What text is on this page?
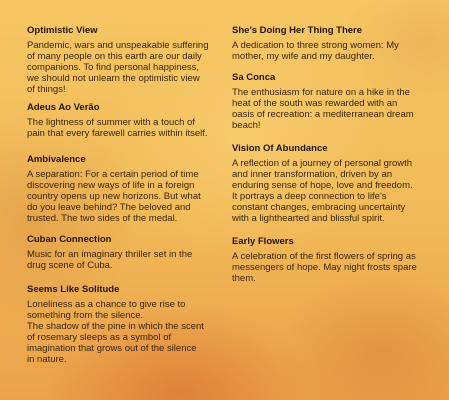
Optimistic View

Pandemic, wars and unspeakable suffering
of many people on this earth are our daily
companions. To find personal happiness,
we should not unlearn the optimistic view
of things!

Adeus Ao Verão

The lightness of summer with a touch of
pain that every farewell carries within itself.

Ambivalence

A separation: For a certain period of time
discovering new ways of life in a foreign
country opens up new horizons. But what
do you leave behind? The beloved and
trusted. The two sides of the medal.

Cuban Connection

Music for an imaginary thriller set in the
drug scene of Cuba.

Seems Like Solitude

Loneliness as a chance to give rise to
something from the silence.
The shadow of the pine in which the scent
of rosemary sleeps as a symbol of
imagination that grows out of the silence
in nature.

She’s Doing Her Thing There

A dedication to three strong women: My
mother, my wife and my daughter.

Sa Conca

The enthusiasm for nature on a hike in the
heat of the south was rewarded with an
oasis of recreation: a mediterranean dream
beach!

Vision Of Abundance

A reflection of a journey of personal growth
and inner transformation, driven by an
enduring sense of hope, love and freedom.
It portrays a deep connection to life’s
constant changes, embracing uncertainty
with a lighthearted and blissful spirit.

Early Flowers

A celebration of the first flowers of spring as
messengers of hope. May night frosts spare
them.
